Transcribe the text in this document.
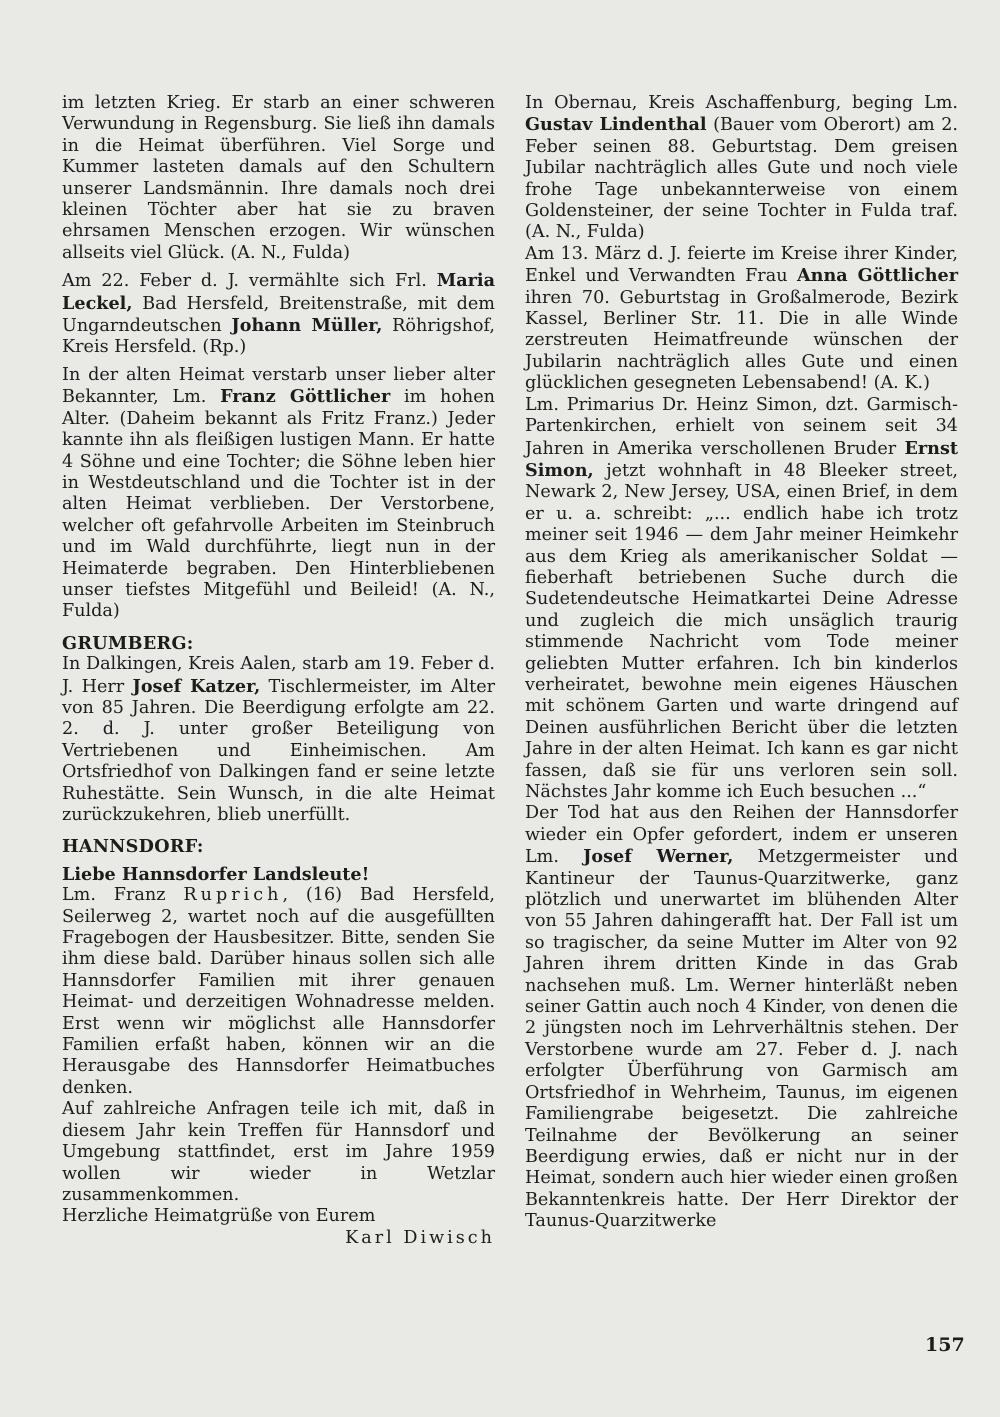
im letzten Krieg. Er starb an einer schweren Verwundung in Regensburg. Sie ließ ihn damals in die Heimat überführen. Viel Sorge und Kummer lasteten damals auf den Schultern unserer Landsmännin. Ihre damals noch drei kleinen Töchter aber hat sie zu braven ehrsamen Menschen erzogen. Wir wünschen allseits viel Glück. (A. N., Fulda)

Am 22. Feber d. J. vermählte sich Frl. Maria Leckel, Bad Hersfeld, Breitenstraße, mit dem Ungarndeutschen Johann Müller, Röhrigshof, Kreis Hersfeld. (Rp.)

In der alten Heimat verstarb unser lieber alter Bekannter, Lm. Franz Göttlicher im hohen Alter. (Daheim bekannt als Fritz Franz.) Jeder kannte ihn als fleißigen lustigen Mann. Er hatte 4 Söhne und eine Tochter; die Söhne leben hier in Westdeutschland und die Tochter ist in der alten Heimat verblieben. Der Verstorbene, welcher oft gefahrvolle Arbeiten im Steinbruch und im Wald durchführte, liegt nun in der Heimaterde begraben. Den Hinterbliebenen unser tiefstes Mitgefühl und Beileid! (A. N., Fulda)

GRUMBERG:

In Dalkingen, Kreis Aalen, starb am 19. Feber d. J. Herr Josef Katzer, Tischlermeister, im Alter von 85 Jahren. Die Beerdigung erfolgte am 22. 2. d. J. unter großer Beteiligung von Vertriebenen und Einheimischen. Am Ortsfriedhof von Dalkingen fand er seine letzte Ruhestätte. Sein Wunsch, in die alte Heimat zurückzukehren, blieb unerfüllt.

HANNSDORF:

Liebe Hannsdorfer Landsleute!

Lm. Franz Ruprich, (16) Bad Hersfeld, Seilerweg 2, wartet noch auf die ausgefüllten Fragebogen der Hausbesitzer. Bitte, senden Sie ihm diese bald. Darüber hinaus sollen sich alle Hannsdorfer Familien mit ihrer genauen Heimat- und derzeitigen Wohnadresse melden. Erst wenn wir möglichst alle Hannsdorfer Familien erfaßt haben, können wir an die Herausgabe des Hannsdorfer Heimatbuches denken.

Auf zahlreiche Anfragen teile ich mit, daß in diesem Jahr kein Treffen für Hannsdorf und Umgebung stattfindet, erst im Jahre 1959 wollen wir wieder in Wetzlar zusammenkommen.

Herzliche Heimatgrüße von Eurem

Karl Diwisch

In Obernau, Kreis Aschaffenburg, beging Lm. Gustav Lindenthal (Bauer vom Oberort) am 2. Feber seinen 88. Geburtstag. Dem greisen Jubilar nachträglich alles Gute und noch viele frohe Tage unbekannterweise von einem Goldensteiner, der seine Tochter in Fulda traf. (A. N., Fulda)

Am 13. März d. J. feierte im Kreise ihrer Kinder, Enkel und Verwandten Frau Anna Göttlicher ihren 70. Geburtstag in Großalmerode, Bezirk Kassel, Berliner Str. 11. Die in alle Winde zerstreuten Heimatfreunde wünschen der Jubilarin nachträglich alles Gute und einen glücklichen gesegneten Lebensabend! (A. K.)

Lm. Primarius Dr. Heinz Simon, dzt. Garmisch-Partenkirchen, erhielt von seinem seit 34 Jahren in Amerika verschollenen Bruder Ernst Simon, jetzt wohnhaft in 48 Bleeker street, Newark 2, New Jersey, USA, einen Brief, in dem er u. a. schreibt: „... endlich habe ich trotz meiner seit 1946 — dem Jahr meiner Heimkehr aus dem Krieg als amerikanischer Soldat — fieberhaft betriebenen Suche durch die Sudetendeutsche Heimatkartei Deine Adresse und zugleich die mich unsäglich traurig stimmende Nachricht vom Tode meiner geliebten Mutter erfahren. Ich bin kinderlos verheiratet, bewohne mein eigenes Häuschen mit schönem Garten und warte dringend auf Deinen ausführlichen Bericht über die letzten Jahre in der alten Heimat. Ich kann es gar nicht fassen, daß sie für uns verloren sein soll. Nächstes Jahr komme ich Euch besuchen ...“

Der Tod hat aus den Reihen der Hannsdorfer wieder ein Opfer gefordert, indem er unseren Lm. Josef Werner, Metzgermeister und Kantineur der Taunus-Quarzitwerke, ganz plötzlich und unerwartet im blühenden Alter von 55 Jahren dahingerafft hat. Der Fall ist um so tragischer, da seine Mutter im Alter von 92 Jahren ihrem dritten Kinde in das Grab nachsehen muß. Lm. Werner hinterläßt neben seiner Gattin auch noch 4 Kinder, von denen die 2 jüngsten noch im Lehrverhältnis stehen. Der Verstorbene wurde am 27. Feber d. J. nach erfolgter Überführung von Garmisch am Ortsfriedhof in Wehrheim, Taunus, im eigenen Familiengrabe beigesetzt. Die zahlreiche Teilnahme der Bevölkerung an seiner Beerdigung erwies, daß er nicht nur in der Heimat, sondern auch hier wieder einen großen Bekanntenkreis hatte. Der Herr Direktor der Taunus-Quarzitwerke

157
